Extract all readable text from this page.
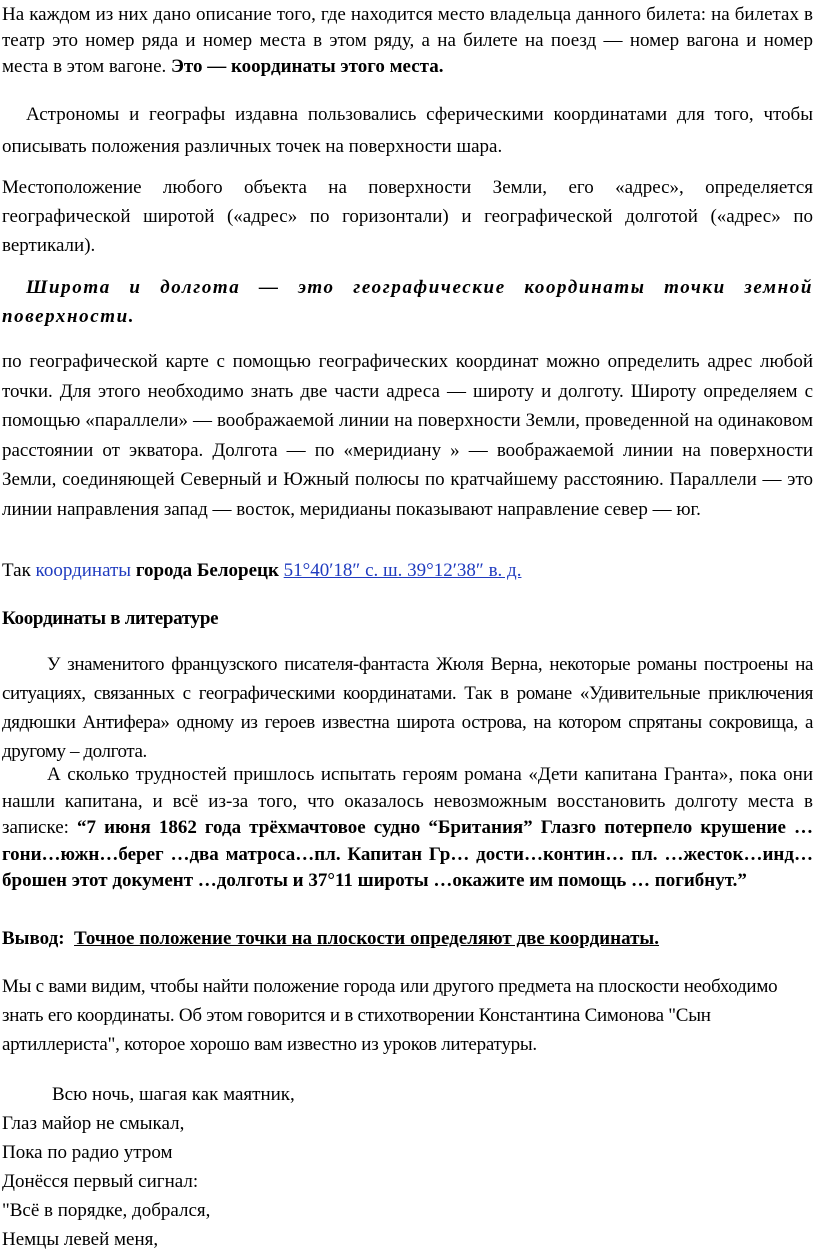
На каждом из них дано описание того, где находится место владельца данного билета: на билетах в театр это номер ряда и номер места в этом ряду, а на билете на поезд — номер вагона и номер места в этом вагоне. Это — координаты этого места.

Астрономы и географы издавна пользовались сферическими координатами для того, чтобы описывать положения различных точек на поверхности шара.

Местоположение любого объекта на поверхности Земли, его «адрес», определяется географической широтой («адрес» по горизонтали) и географической долготой («адрес» по вертикали).

Широта и долгота — это географические координаты точки земной поверхности.

по географической карте с помощью географических координат можно определить адрес любой точки. Для этого необходимо знать две части адреса — широту и долготу. Широту определяем с помощью «параллели» — воображаемой линии на поверхности Земли, проведенной на одинаковом расстоянии от экватора. Долгота — по «меридиану » — воображаемой линии на поверхности Земли, соединяющей Северный и Южный полюсы по кратчайшему расстоянию. Параллели — это линии направления запад — восток, меридианы показывают направление север — юг.

Так координаты города Белорецк 51°40′18″ с. ш. 39°12′38″ в. д.

Координаты в литературе

У знаменитого французского писателя-фантаста Жюля Верна, некоторые романы построены на ситуациях, связанных с географическими координатами. Так в романе «Удивительные приключения дядюшки Антифера» одному из героев известна широта острова, на котором спрятаны сокровища, а другому – долгота.

А сколько трудностей пришлось испытать героям романа «Дети капитана Гранта», пока они нашли капитана, и всё из-за того, что оказалось невозможным восстановить долготу места в записке: “7 июня 1862 года трёхмачтовое судно “Британия” Глазго потерпело крушение …гони…южн…берег …два матроса…пл. Капитан Гр… дости…контин… пл. …жесток…инд…брошен этот документ …долготы и 37°11 широты …окажите им помощь … погибнут.”

Вывод: Точное положение точки на плоскости определяют две координаты.

Мы с вами видим, чтобы найти положение города или другого предмета на плоскости необходимо знать его координаты. Об этом говорится и в стихотворении Константина Симонова "Сын артиллериста", которое хорошо вам известно из уроков литературы.

Всю ночь, шагая как маятник,
Глаз майор не смыкал,
Пока по радио утром
Донёсся первый сигнал:
"Всё в порядке, добрался,
Немцы левей меня,
